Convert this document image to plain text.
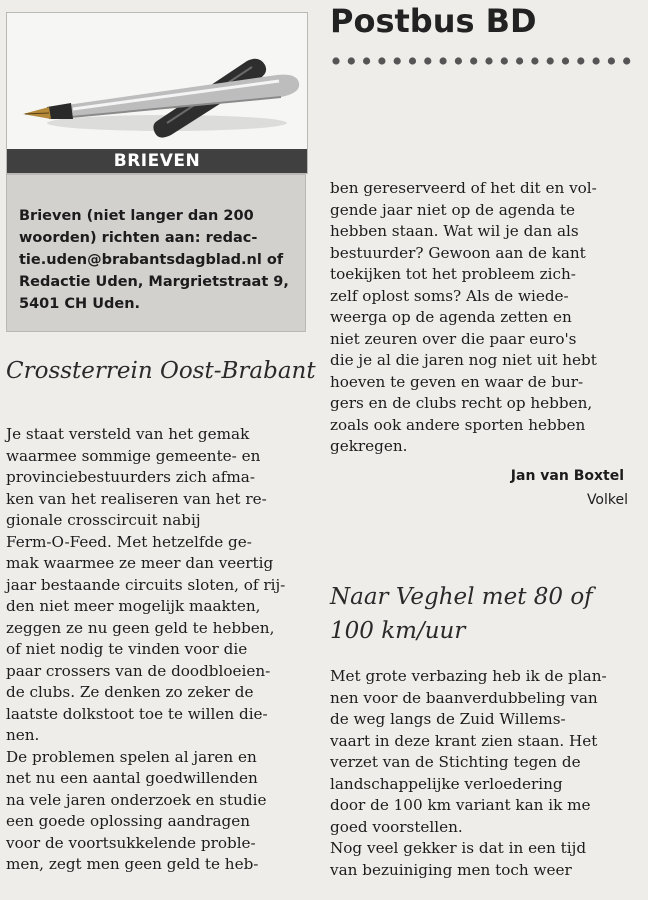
BRIEVEN
Brieven (niet langer dan 200
woorden) richten aan: redac-
tie.uden@brabantsdagblad.nl of
Redactie Uden, Margrietstraat 9,
5401 CH Uden.
Crossterrein Oost-Brabant
Je staat versteld van het gemak
waarmee sommige gemeente- en
provinciebestuurders zich afma-
ken van het realiseren van het re-
gionale crosscircuit nabij
Ferm-O-Feed. Met hetzelfde ge-
mak waarmee ze meer dan veertig
jaar bestaande circuits sloten, of rij-
den niet meer mogelijk maakten,
zeggen ze nu geen geld te hebben,
of niet nodig te vinden voor die
paar crossers van de doodbloeien-
de clubs. Ze denken zo zeker de
laatste dolkstoot toe te willen die-
nen.
De problemen spelen al jaren en
net nu een aantal goedwillenden
na vele jaren onderzoek en studie
een goede oplossing aandragen
voor de voortsukkelende proble-
men, zegt men geen geld te heb-
Postbus BD
ben gereserveerd of het dit en vol-
gende jaar niet op de agenda te
hebben staan. Wat wil je dan als
bestuurder? Gewoon aan de kant
toekijken tot het probleem zich-
zelf oplost soms? Als de wiede-
weerga op de agenda zetten en
niet zeuren over die paar euro's
die je al die jaren nog niet uit hebt
hoeven te geven en waar de bur-
gers en de clubs recht op hebben,
zoals ook andere sporten hebben
gekregen.
Jan van Boxtel
Volkel
Naar Veghel met 80 of
100 km/uur
Met grote verbazing heb ik de plan-
nen voor de baanverdubbeling van
de weg langs de Zuid Willems-
vaart in deze krant zien staan. Het
verzet van de Stichting tegen de
landschappelijke verloedering
door de 100 km variant kan ik me
goed voorstellen.
Nog veel gekker is dat in een tijd
van bezuiniging men toch weer
